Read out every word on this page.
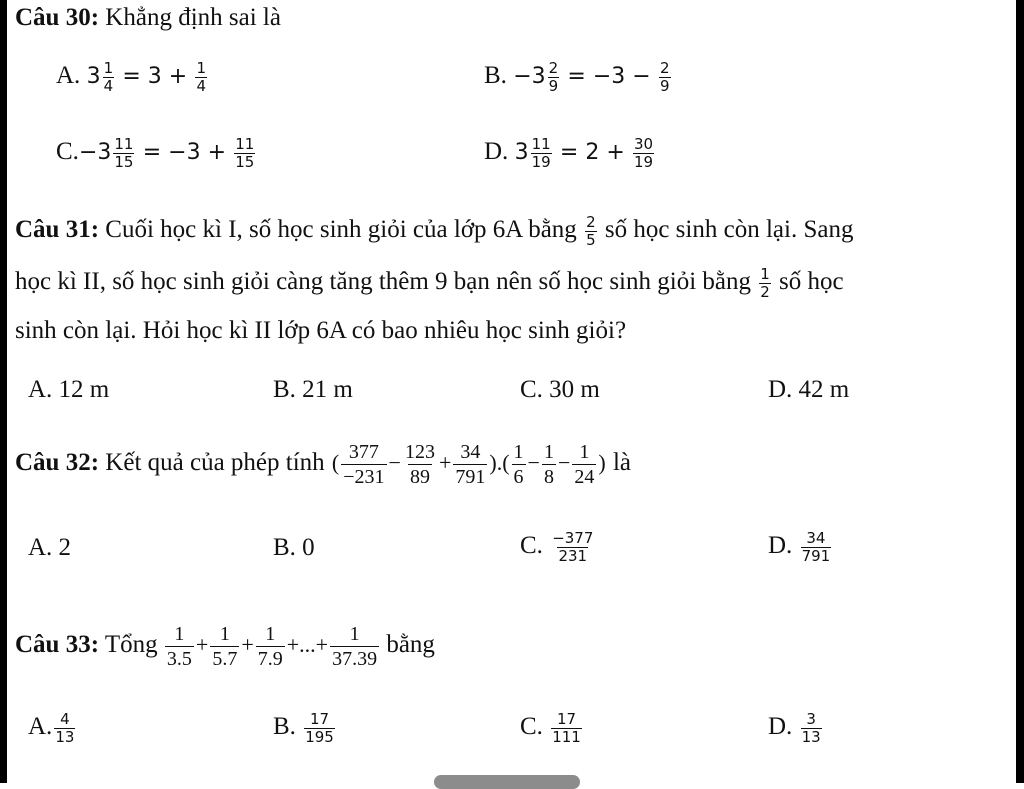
Câu 30: Khẳng định sai là
A. $3 \frac{1}{4} = 3 + \frac{1}{4}$	B. $-3 \frac{2}{9} = -3 - \frac{2}{9}$
$C.-3 \frac{11}{15} = -3 + \frac{11}{15}$	D. $3 \frac{11}{19} = 2 + \frac{30}{19}$
Câu 31: Cuối học kì I, số học sinh giỏi của lớp 6A bằng $\frac{2}{5}$ số học sinh còn lại. Sang
học kì II, số học sinh giỏi càng tăng thêm 9 bạn nên số học sinh giỏi bằng $\frac{1}{2}$ số học
sinh còn lại. Hỏi học kì II lớp 6A có bao nhiêu học sinh giỏi?
A. 12 m	B. 21 m	C. 30 m	D. 42 m
Câu 32: Kết quả của phép tính ( $\frac{377}{-231} - \frac{123}{89} + \frac{34}{791}$ ).( $\frac{1}{6} - \frac{1}{8} - \frac{1}{24}$ ) là
A. 2	B. 0	C. $\frac{-377}{231}$	D. $\frac{34}{791}$
Câu 33: Tổng $\frac{1}{3.5} + \frac{1}{5.7} + \frac{1}{7.9}$ +...+ $\frac{1}{37.39}$ bằng
A. $\frac{4}{13}$	B. $\frac{17}{195}$	C. $\frac{17}{111}$	D. $\frac{3}{13}$
